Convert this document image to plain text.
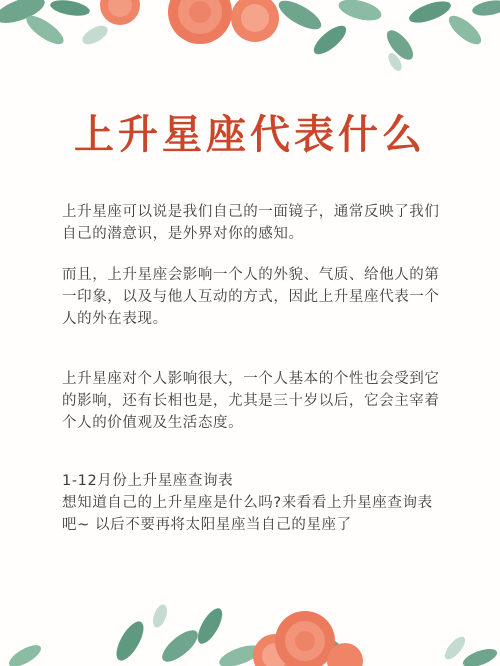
上升星座代表什么

上升星座可以说是我们自己的一面镜子，通常反映了我们自己的潜意识，是外界对你的感知。

而且，上升星座会影响一个人的外貌、气质、给他人的第一印象，以及与他人互动的方式，因此上升星座代表一个人的外在表现。

上升星座对个人影响很大，一个人基本的个性也会受到它的影响，还有长相也是，尤其是三十岁以后，它会主宰着个人的价值观及生活态度。

1-12月份上升星座查询表
想知道自己的上升星座是什么吗?来看看上升星座查询表吧~ 以后不要再将太阳星座当自己的星座了
